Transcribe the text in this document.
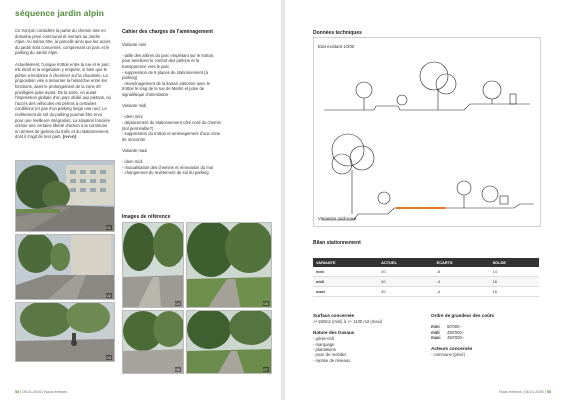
séquence jardin alpin

Ce tronçon considère la partie du chemin sise en domaine privé communal et menant au Jardin Alpin. Au même titre, la parcelle ainsi que les accès du jardin sont concernés, comprenant un parc et le parking du Jardin Alpin.

Actuellement, l'unique trottoir entre la rue et le parc est étroit et la végétation y empiète, si bien que le piéton a tendance à cheminer sur la chaussée. La proposition vise à retourner la hiérarchie entre les fonctions, dans le prolongement de la zone 20 privilégiée juste avant. De la sorte, on aurait l'impression globale d'un parc dédié aux piétons, où l'accès des véhicules est permis à certaines conditions (et pas d'un parking longé une rue). Le revêtement de sol du parking pourrait être revu pour une meilleure intégration. La situation foncière octroie une certaine liberté d'action à la commune en termes de gestion du trafic et du stationnement, dont il s'agit de tirer parti. (n-n-n)

Cahier des charges de l'aménagement
Variante mini

- taille des arbres du parc empiétant sur le trottoir, pour améliorer le confort des piétons et la transparence vers le parc
- suppression de 6 places de stationnement (à parking)
- réaménagement de la liaison piétonne avec le trottoir le long de la rue de Martin et pose de signalétique d'orientation

Variante midi

- idem mini
- déplacement du stationnement côté nord du chemin (sol perméable?)
- suppression du trottoir et aménagement d'une zone de rencontre

Variante maxi

- idem midi
- mutualisation des chemins et rénovation du mur
- changement du revêtement de sol du parking

01
02
03
Images de référence
04	05
06	07
54 | 06.01.2016 | Nous entrons
Données techniques
Etat existant 1/200
Variantes midi-maxi
Bilan stationnement
VARIANTE	ACTUEL	ECARTS	SOLDE
mini	20	-6	14
midi	20	-4	16
maxi	20	-4	16
Surface concernée
+/-150m2 (mini) à +/- 1100 m2 (maxi)
Nature des travaux
- génie-civil
- marquage
- plantations
- pose de mobilier
- reprise de réseaux
Ordre de grandeur des coûts
mini	50'000.-
midi	450'000.-
maxi	450'000.-
Acteurs concernés
- commune (privé)
Nous entrons | 06.01.2016 | 55
